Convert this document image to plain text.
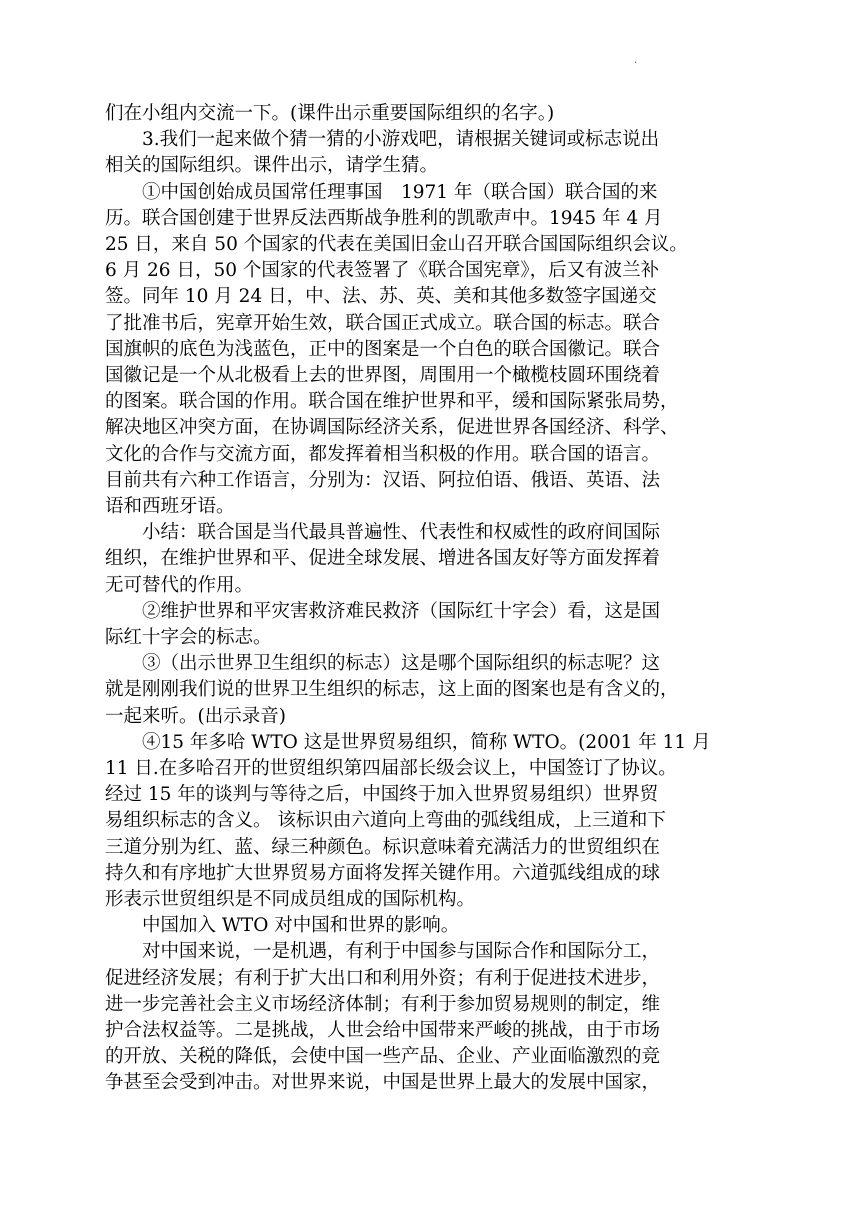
.
们在小组内交流一下。(课件出示重要国际组织的名字。)
3.我们一起来做个猜一猜的小游戏吧，请根据关键词或标志说出
相关的国际组织。课件出示，请学生猜。
①中国创始成员国常任理事国　1971 年（联合国）联合国的来
历。联合国创建于世界反法西斯战争胜利的凯歌声中。1945 年 4 月
25 日，来自 50 个国家的代表在美国旧金山召开联合国国际组织会议。
6 月 26 日，50 个国家的代表签署了《联合国宪章》，后又有波兰补
签。同年 10 月 24 日，中、法、苏、英、美和其他多数签字国递交
了批准书后，宪章开始生效，联合国正式成立。联合国的标志。联合
国旗帜的底色为浅蓝色，正中的图案是一个白色的联合国徽记。联合
国徽记是一个从北极看上去的世界图，周围用一个橄榄枝圆环围绕着
的图案。联合国的作用。联合国在维护世界和平，缓和国际紧张局势，
解决地区冲突方面，在协调国际经济关系，促进世界各国经济、科学、
文化的合作与交流方面，都发挥着相当积极的作用。联合国的语言。
目前共有六种工作语言，分别为：汉语、阿拉伯语、俄语、英语、法
语和西班牙语。
小结：联合国是当代最具普遍性、代表性和权威性的政府间国际
组织，在维护世界和平、促进全球发展、增进各国友好等方面发挥着
无可替代的作用。
②维护世界和平灾害救济难民救济（国际红十字会）看，这是国
际红十字会的标志。
③（出示世界卫生组织的标志）这是哪个国际组织的标志呢？这
就是刚刚我们说的世界卫生组织的标志，这上面的图案也是有含义的，
一起来听。(出示录音)
④15 年多哈 WTO 这是世界贸易组织，简称 WTO。(2001 年 11 月
11 日.在多哈召开的世贸组织第四届部长级会议上，中国签订了协议。
经过 15 年的谈判与等待之后，中国终于加入世界贸易组织）世界贸
易组织标志的含义。 该标识由六道向上弯曲的弧线组成，上三道和下
三道分别为红、蓝、绿三种颜色。标识意味着充满活力的世贸组织在
持久和有序地扩大世界贸易方面将发挥关键作用。六道弧线组成的球
形表示世贸组织是不同成员组成的国际机构。
中国加入 WTO 对中国和世界的影响。
对中国来说，一是机遇，有利于中国参与国际合作和国际分工，
促进经济发展；有利于扩大出口和利用外资；有利于促进技术进步，
进一步完善社会主义市场经济体制；有利于参加贸易规则的制定，维
护合法权益等。二是挑战，人世会给中国带来严峻的挑战，由于市场
的开放、关税的降低，会使中国一些产品、企业、产业面临激烈的竞
争甚至会受到冲击。对世界来说，中国是世界上最大的发展中国家，
